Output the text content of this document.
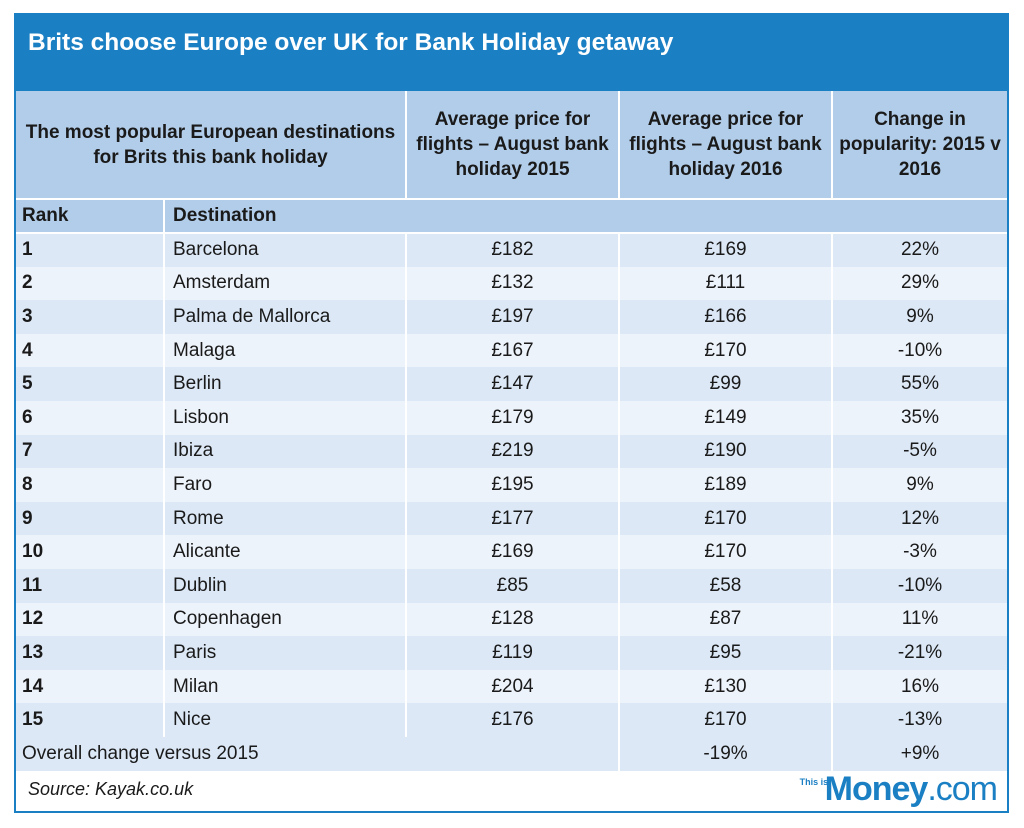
Brits choose Europe over UK for Bank Holiday getaway
The most popular European destinations for Brits this bank holiday		Average price for flights – August bank holiday 2015	Average price for flights – August bank holiday 2016	Change in popularity: 2015 v 2016
Rank	Destination			
1	Barcelona	£182	£169	22%
2	Amsterdam	£132	£111	29%
3	Palma de Mallorca	£197	£166	9%
4	Malaga	£167	£170	-10%
5	Berlin	£147	£99	55%
6	Lisbon	£179	£149	35%
7	Ibiza	£219	£190	-5%
8	Faro	£195	£189	9%
9	Rome	£177	£170	12%
10	Alicante	£169	£170	-3%
11	Dublin	£85	£58	-10%
12	Copenhagen	£128	£87	11%
13	Paris	£119	£95	-21%
14	Milan	£204	£130	16%
15	Nice	£176	£170	-13%
Overall change versus 2015			-19%	+9%
Source: Kayak.co.uk	This isMoney.com
